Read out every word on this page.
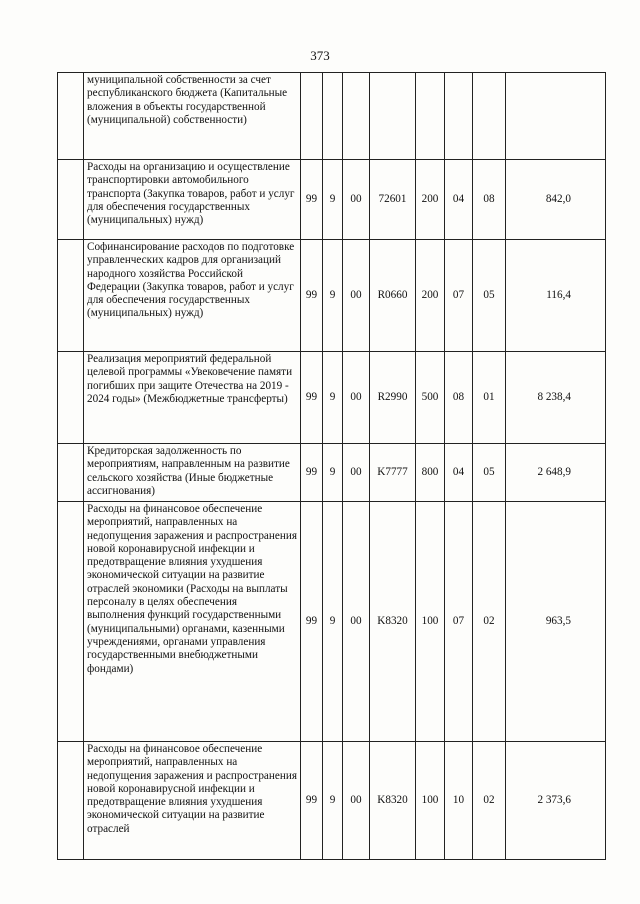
373
	муниципальной собственности за счет республиканского бюджета (Капитальные вложения в объекты государственной (муниципальной) собственности)								
	Расходы на организацию и осуществление транспортировки автомобильного транспорта (Закупка товаров, работ и услуг для обеспечения государственных (муниципальных) нужд)	99	9	00	72601	200	04	08	842,0
	Софинансирование расходов по подготовке управленческих кадров для организаций народного хозяйства Российской Федерации (Закупка товаров, работ и услуг для обеспечения государственных (муниципальных) нужд)	99	9	00	R0660	200	07	05	116,4
	Реализация мероприятий федеральной целевой программы «Увековечение памяти погибших при защите Отечества на 2019 - 2024 годы» (Межбюджетные трансферты)	99	9	00	R2990	500	08	01	8 238,4
	Кредиторская задолженность по мероприятиям, направленным на развитие сельского хозяйства (Иные бюджетные ассигнования)	99	9	00	K7777	800	04	05	2 648,9
	Расходы на финансовое обеспечение мероприятий, направленных на недопущения заражения и распространения новой коронавирусной инфекции и предотвращение влияния ухудшения экономической ситуации на развитие отраслей экономики (Расходы на выплаты персоналу в целях обеспечения выполнения функций государственными (муниципальными) органами, казенными учреждениями, органами управления государственными внебюджетными фондами)	99	9	00	K8320	100	07	02	963,5
	Расходы на финансовое обеспечение мероприятий, направленных на недопущения заражения и распространения новой коронавирусной инфекции и предотвращение влияния ухудшения экономической ситуации на развитие отраслей	99	9	00	K8320	100	10	02	2 373,6
